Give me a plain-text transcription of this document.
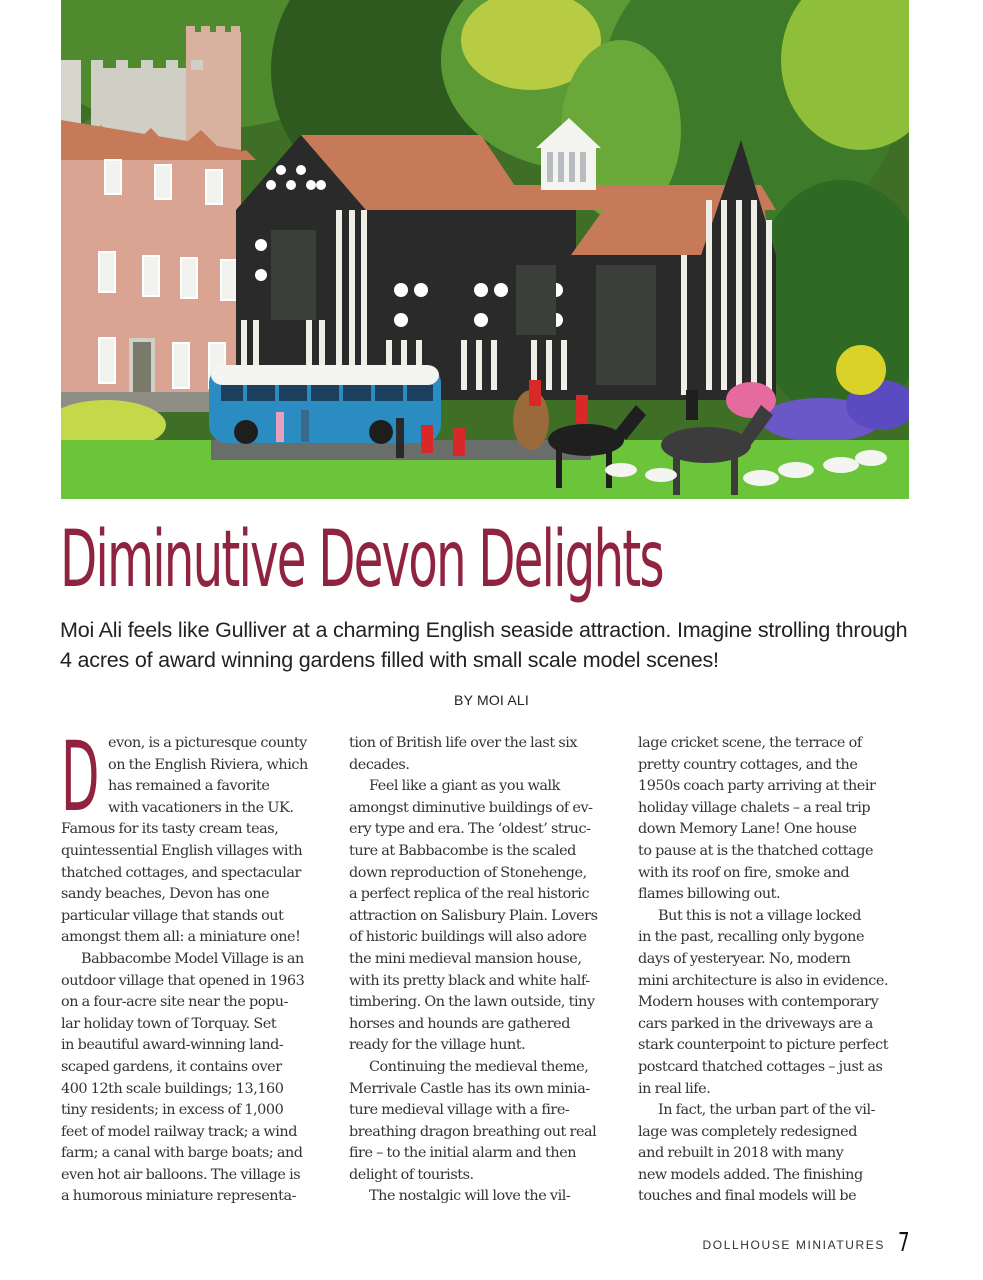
Diminutive Devon Delights

Moi Ali feels like Gulliver at a charming English seaside attraction. Imagine strolling through 4 acres of award winning gardens filled with small scale model scenes!

BY MOI ALI
D evon, is a picturesque county
on the English Riviera, which
has remained a favorite
with vacationers in the UK.
Famous for its tasty cream teas,
quintessential English villages with
thatched cottages, and spectacular
sandy beaches, Devon has one
particular village that stands out
amongst them all: a miniature one!
Babbacombe Model Village is an
outdoor village that opened in 1963
on a four-acre site near the popu-
lar holiday town of Torquay. Set
in beautiful award-winning land-
scaped gardens, it contains over
400 12th scale buildings; 13,160
tiny residents; in excess of 1,000
feet of model railway track; a wind
farm; a canal with barge boats; and
even hot air balloons. The village is
a humorous miniature representa-
tion of British life over the last six
decades.
Feel like a giant as you walk
amongst diminutive buildings of ev-
ery type and era. The ‘oldest’ struc-
ture at Babbacombe is the scaled
down reproduction of Stonehenge,
a perfect replica of the real historic
attraction on Salisbury Plain. Lovers
of historic buildings will also adore
the mini medieval mansion house,
with its pretty black and white half-
timbering. On the lawn outside, tiny
horses and hounds are gathered
ready for the village hunt.
Continuing the medieval theme,
Merrivale Castle has its own minia-
ture medieval village with a fire-
breathing dragon breathing out real
fire – to the initial alarm and then
delight of tourists.
The nostalgic will love the vil-
lage cricket scene, the terrace of
pretty country cottages, and the
1950s coach party arriving at their
holiday village chalets – a real trip
down Memory Lane! One house
to pause at is the thatched cottage
with its roof on fire, smoke and
flames billowing out.
But this is not a village locked
in the past, recalling only bygone
days of yesteryear. No, modern
mini architecture is also in evidence.
Modern houses with contemporary
cars parked in the driveways are a
stark counterpoint to picture perfect
postcard thatched cottages – just as
in real life.
In fact, the urban part of the vil-
lage was completely redesigned
and rebuilt in 2018 with many
new models added. The finishing
touches and final models will be
DOLLHOUSE MINIATURES 7
